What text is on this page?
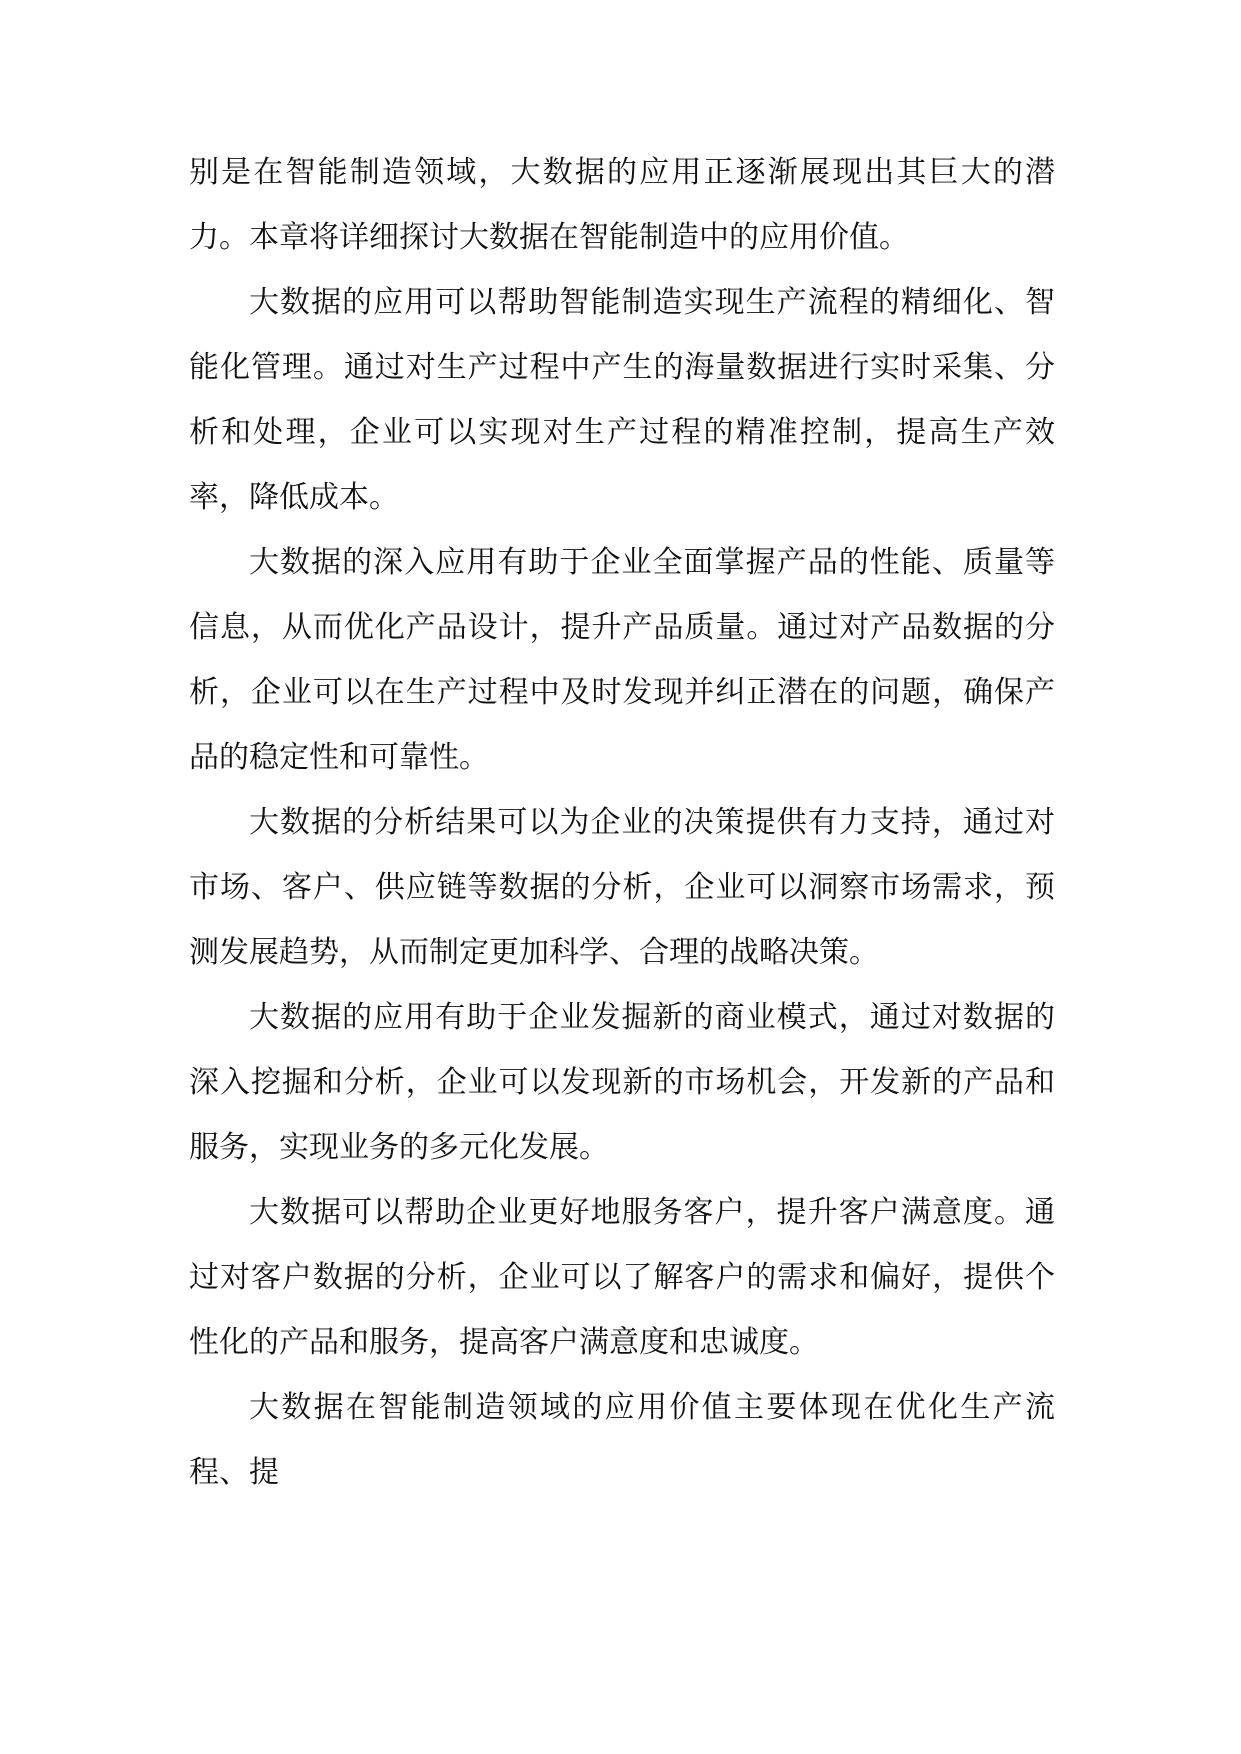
别是在智能制造领域，大数据的应用正逐渐展现出其巨大的潜力。本章将详细探讨大数据在智能制造中的应用价值。

大数据的应用可以帮助智能制造实现生产流程的精细化、智能化管理。通过对生产过程中产生的海量数据进行实时采集、分析和处理，企业可以实现对生产过程的精准控制，提高生产效率，降低成本。

大数据的深入应用有助于企业全面掌握产品的性能、质量等信息，从而优化产品设计，提升产品质量。通过对产品数据的分析，企业可以在生产过程中及时发现并纠正潜在的问题，确保产品的稳定性和可靠性。

大数据的分析结果可以为企业的决策提供有力支持，通过对市场、客户、供应链等数据的分析，企业可以洞察市场需求，预测发展趋势，从而制定更加科学、合理的战略决策。

大数据的应用有助于企业发掘新的商业模式，通过对数据的深入挖掘和分析，企业可以发现新的市场机会，开发新的产品和服务，实现业务的多元化发展。

大数据可以帮助企业更好地服务客户，提升客户满意度。通过对客户数据的分析，企业可以了解客户的需求和偏好，提供个性化的产品和服务，提高客户满意度和忠诚度。

大数据在智能制造领域的应用价值主要体现在优化生产流程、提
